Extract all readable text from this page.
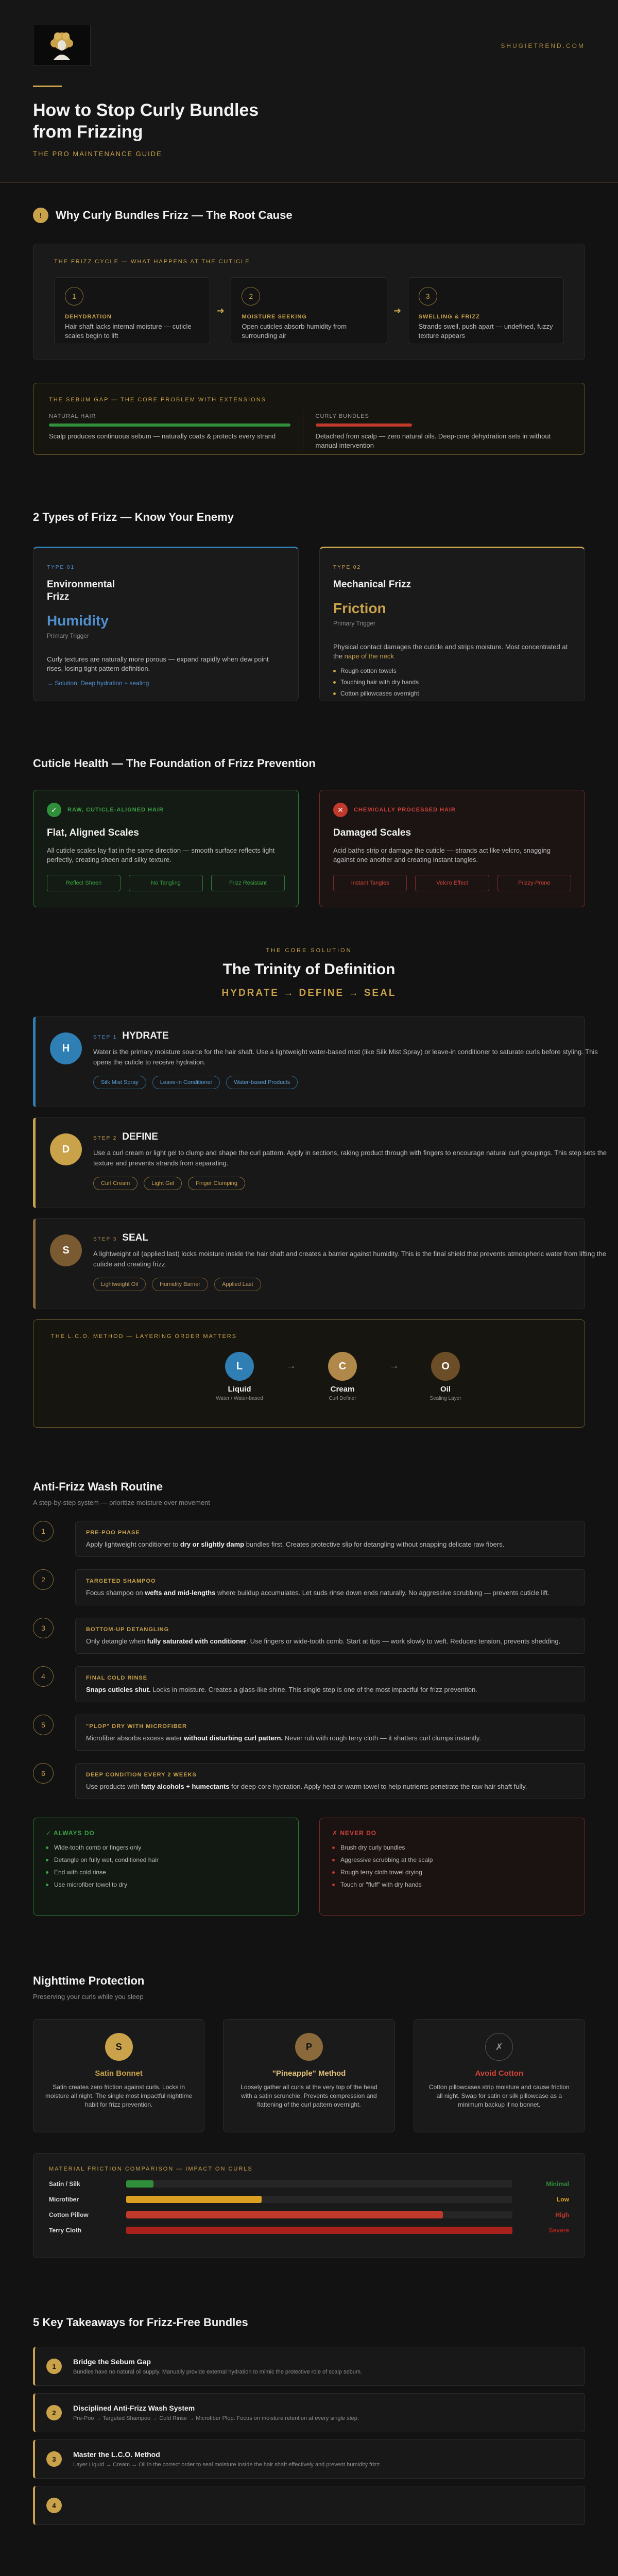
SHUGIETREND.COM
How to Stop Curly Bundles
from Frizzing
THE PRO MAINTENANCE GUIDE
!	Why Curly Bundles Frizz — The Root Cause
THE FRIZZ CYCLE — WHAT HAPPENS AT THE CUTICLE
1
DEHYDRATION
Hair shaft lacks internal moisture — cuticle scales begin to lift
➜
2
MOISTURE SEEKING
Open cuticles absorb humidity from surrounding air
➜
3
SWELLING & FRIZZ
Strands swell, push apart — undefined, fuzzy texture appears
THE SEBUM GAP — THE CORE PROBLEM WITH EXTENSIONS
NATURAL HAIR
Scalp produces continuous sebum — naturally coats & protects every strand
CURLY BUNDLES
Detached from scalp — zero natural oils. Deep-core dehydration sets in without manual intervention
2 Types of Frizz — Know Your Enemy
TYPE 01
Environmental Frizz
Humidity
Primary Trigger
Curly textures are naturally more porous — expand rapidly when dew point rises, losing tight pattern definition.
→ Solution: Deep hydration + sealing
TYPE 02
Mechanical Frizz
Friction
Primary Trigger
Physical contact damages the cuticle and strips moisture. Most concentrated at the nape of the neck
Rough cotton towels
Touching hair with dry hands
Cotton pillowcases overnight
Cuticle Health — The Foundation of Frizz Prevention
✓	RAW, CUTICLE-ALIGNED HAIR
Flat, Aligned Scales
All cuticle scales lay flat in the same direction — smooth surface reflects light perfectly, creating sheen and silky texture.
Reflect Sheen	No Tangling	Frizz Resistant
✕	CHEMICALLY PROCESSED HAIR
Damaged Scales
Acid baths strip or damage the cuticle — strands act like velcro, snagging against one another and creating instant tangles.
Instant Tangles	Velcro Effect	Frizzy-Prone
THE CORE SOLUTION
The Trinity of Definition
HYDRATE → DEFINE → SEAL
H
STEP 1 HYDRATE
Water is the primary moisture source for the hair shaft. Use a lightweight water-based mist (like Silk Mist Spray) or leave-in conditioner to saturate curls before styling. This opens the cuticle to receive hydration.
Silk Mist Spray	Leave-in Conditioner	Water-based Products
D
STEP 2 DEFINE
Use a curl cream or light gel to clump and shape the curl pattern. Apply in sections, raking product through with fingers to encourage natural curl groupings. This step sets the texture and prevents strands from separating.
Curl Cream	Light Gel	Finger Clumping
S
STEP 3 SEAL
A lightweight oil (applied last) locks moisture inside the hair shaft and creates a barrier against humidity. This is the final shield that prevents atmospheric water from lifting the cuticle and creating frizz.
Lightweight Oil	Humidity Barrier	Applied Last
THE L.C.O. METHOD — LAYERING ORDER MATTERS
L
Liquid
Water / Water-based
→	C
Cream
Curl Definer
→	O
Oil
Sealing Layer
Anti-Frizz Wash Routine
A step-by-step system — prioritize moisture over movement
1	PRE-POO PHASE
Apply lightweight conditioner to dry or slightly damp bundles first. Creates protective slip for detangling without snapping delicate raw fibers.
2	TARGETED SHAMPOO
Focus shampoo on wefts and mid-lengths where buildup accumulates. Let suds rinse down ends naturally. No aggressive scrubbing — prevents cuticle lift.
3	BOTTOM-UP DETANGLING
Only detangle when fully saturated with conditioner. Use fingers or wide-tooth comb. Start at tips — work slowly to weft. Reduces tension, prevents shedding.
4	FINAL COLD RINSE
Snaps cuticles shut. Locks in moisture. Creates a glass-like shine. This single step is one of the most impactful for frizz prevention.
5	"PLOP" DRY WITH MICROFIBER
Microfiber absorbs excess water without disturbing curl pattern. Never rub with rough terry cloth — it shatters curl clumps instantly.
6	DEEP CONDITION EVERY 2 WEEKS
Use products with fatty alcohols + humectants for deep-core hydration. Apply heat or warm towel to help nutrients penetrate the raw hair shaft fully.
✓ ALWAYS DO
Wide-tooth comb or fingers only
Detangle on fully wet, conditioned hair
End with cold rinse
Use microfiber towel to dry
✗ NEVER DO
Brush dry curly bundles
Aggressive scrubbing at the scalp
Rough terry cloth towel drying
Touch or "fluff" with dry hands
Nighttime Protection
Preserving your curls while you sleep
S
Satin Bonnet
Satin creates zero friction against curls. Locks in moisture all night. The single most impactful nighttime habit for frizz prevention.
P
"Pineapple" Method
Loosely gather all curls at the very top of the head with a satin scrunchie. Prevents compression and flattening of the curl pattern overnight.
✗
Avoid Cotton
Cotton pillowcases strip moisture and cause friction all night. Swap for satin or silk pillowcase as a minimum backup if no bonnet.
MATERIAL FRICTION COMPARISON — IMPACT ON CURLS
Satin / Silk	Minimal
Microfiber	Low
Cotton Pillow	High
Terry Cloth	Severe
5 Key Takeaways for Frizz-Free Bundles
1
Bridge the Sebum Gap
Bundles have no natural oil supply. Manually provide external hydration to mimic the protective role of scalp sebum.
2
Disciplined Anti-Frizz Wash System
Pre-Poo → Targeted Shampoo → Cold Rinse → Microfiber Plop. Focus on moisture retention at every single step.
3
Master the L.C.O. Method
Layer Liquid → Cream → Oil in the correct order to seal moisture inside the hair shaft effectively and prevent humidity frizz.
4
